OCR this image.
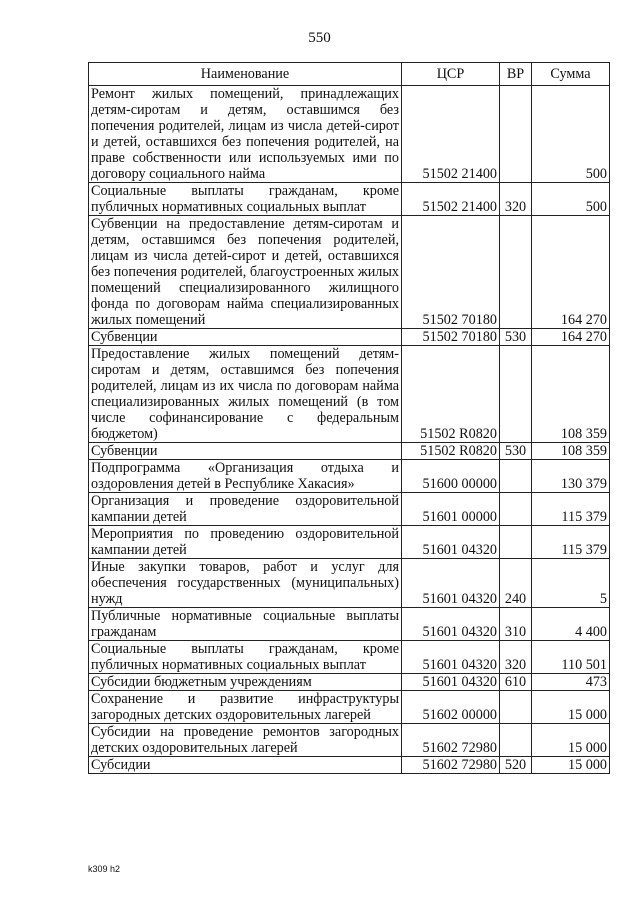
550
Наименование	ЦСР	ВР	Сумма
Ремонт жилых помещений, принадлежащих детям-сиротам и детям, оставшимся без попечения родителей, лицам из числа детей-сирот и детей, оставшихся без попечения родителей, на праве собственности или используемых ими по договору социального найма	51502 21400		500
Социальные выплаты гражданам, кроме публичных нормативных социальных выплат	51502 21400	320	500
Субвенции на предоставление детям-сиротам и детям, оставшимся без попечения родителей, лицам из числа детей-сирот и детей, оставшихся без попечения родителей, благоустроенных жилых помещений специализированного жилищного фонда по договорам найма специализированных жилых помещений	51502 70180		164 270
Субвенции	51502 70180	530	164 270
Предоставление жилых помещений детям-сиротам и детям, оставшимся без попечения родителей, лицам из их числа по договорам найма специализированных жилых помещений (в том числе софинансирование с федеральным бюджетом)	51502 R0820		108 359
Субвенции	51502 R0820	530	108 359
Подпрограмма «Организация отдыха и оздоровления детей в Республике Хакасия»	51600 00000		130 379
Организация и проведение оздоровительной кампании детей	51601 00000		115 379
Мероприятия по проведению оздоровительной кампании детей	51601 04320		115 379
Иные закупки товаров, работ и услуг для обеспечения государственных (муниципальных) нужд	51601 04320	240	5
Публичные нормативные социальные выплаты гражданам	51601 04320	310	4 400
Социальные выплаты гражданам, кроме публичных нормативных социальных выплат	51601 04320	320	110 501
Субсидии бюджетным учреждениям	51601 04320	610	473
Сохранение и развитие инфраструктуры загородных детских оздоровительных лагерей	51602 00000		15 000
Субсидии на проведение ремонтов загородных детских оздоровительных лагерей	51602 72980		15 000
Субсидии	51602 72980	520	15 000
k309 h2
